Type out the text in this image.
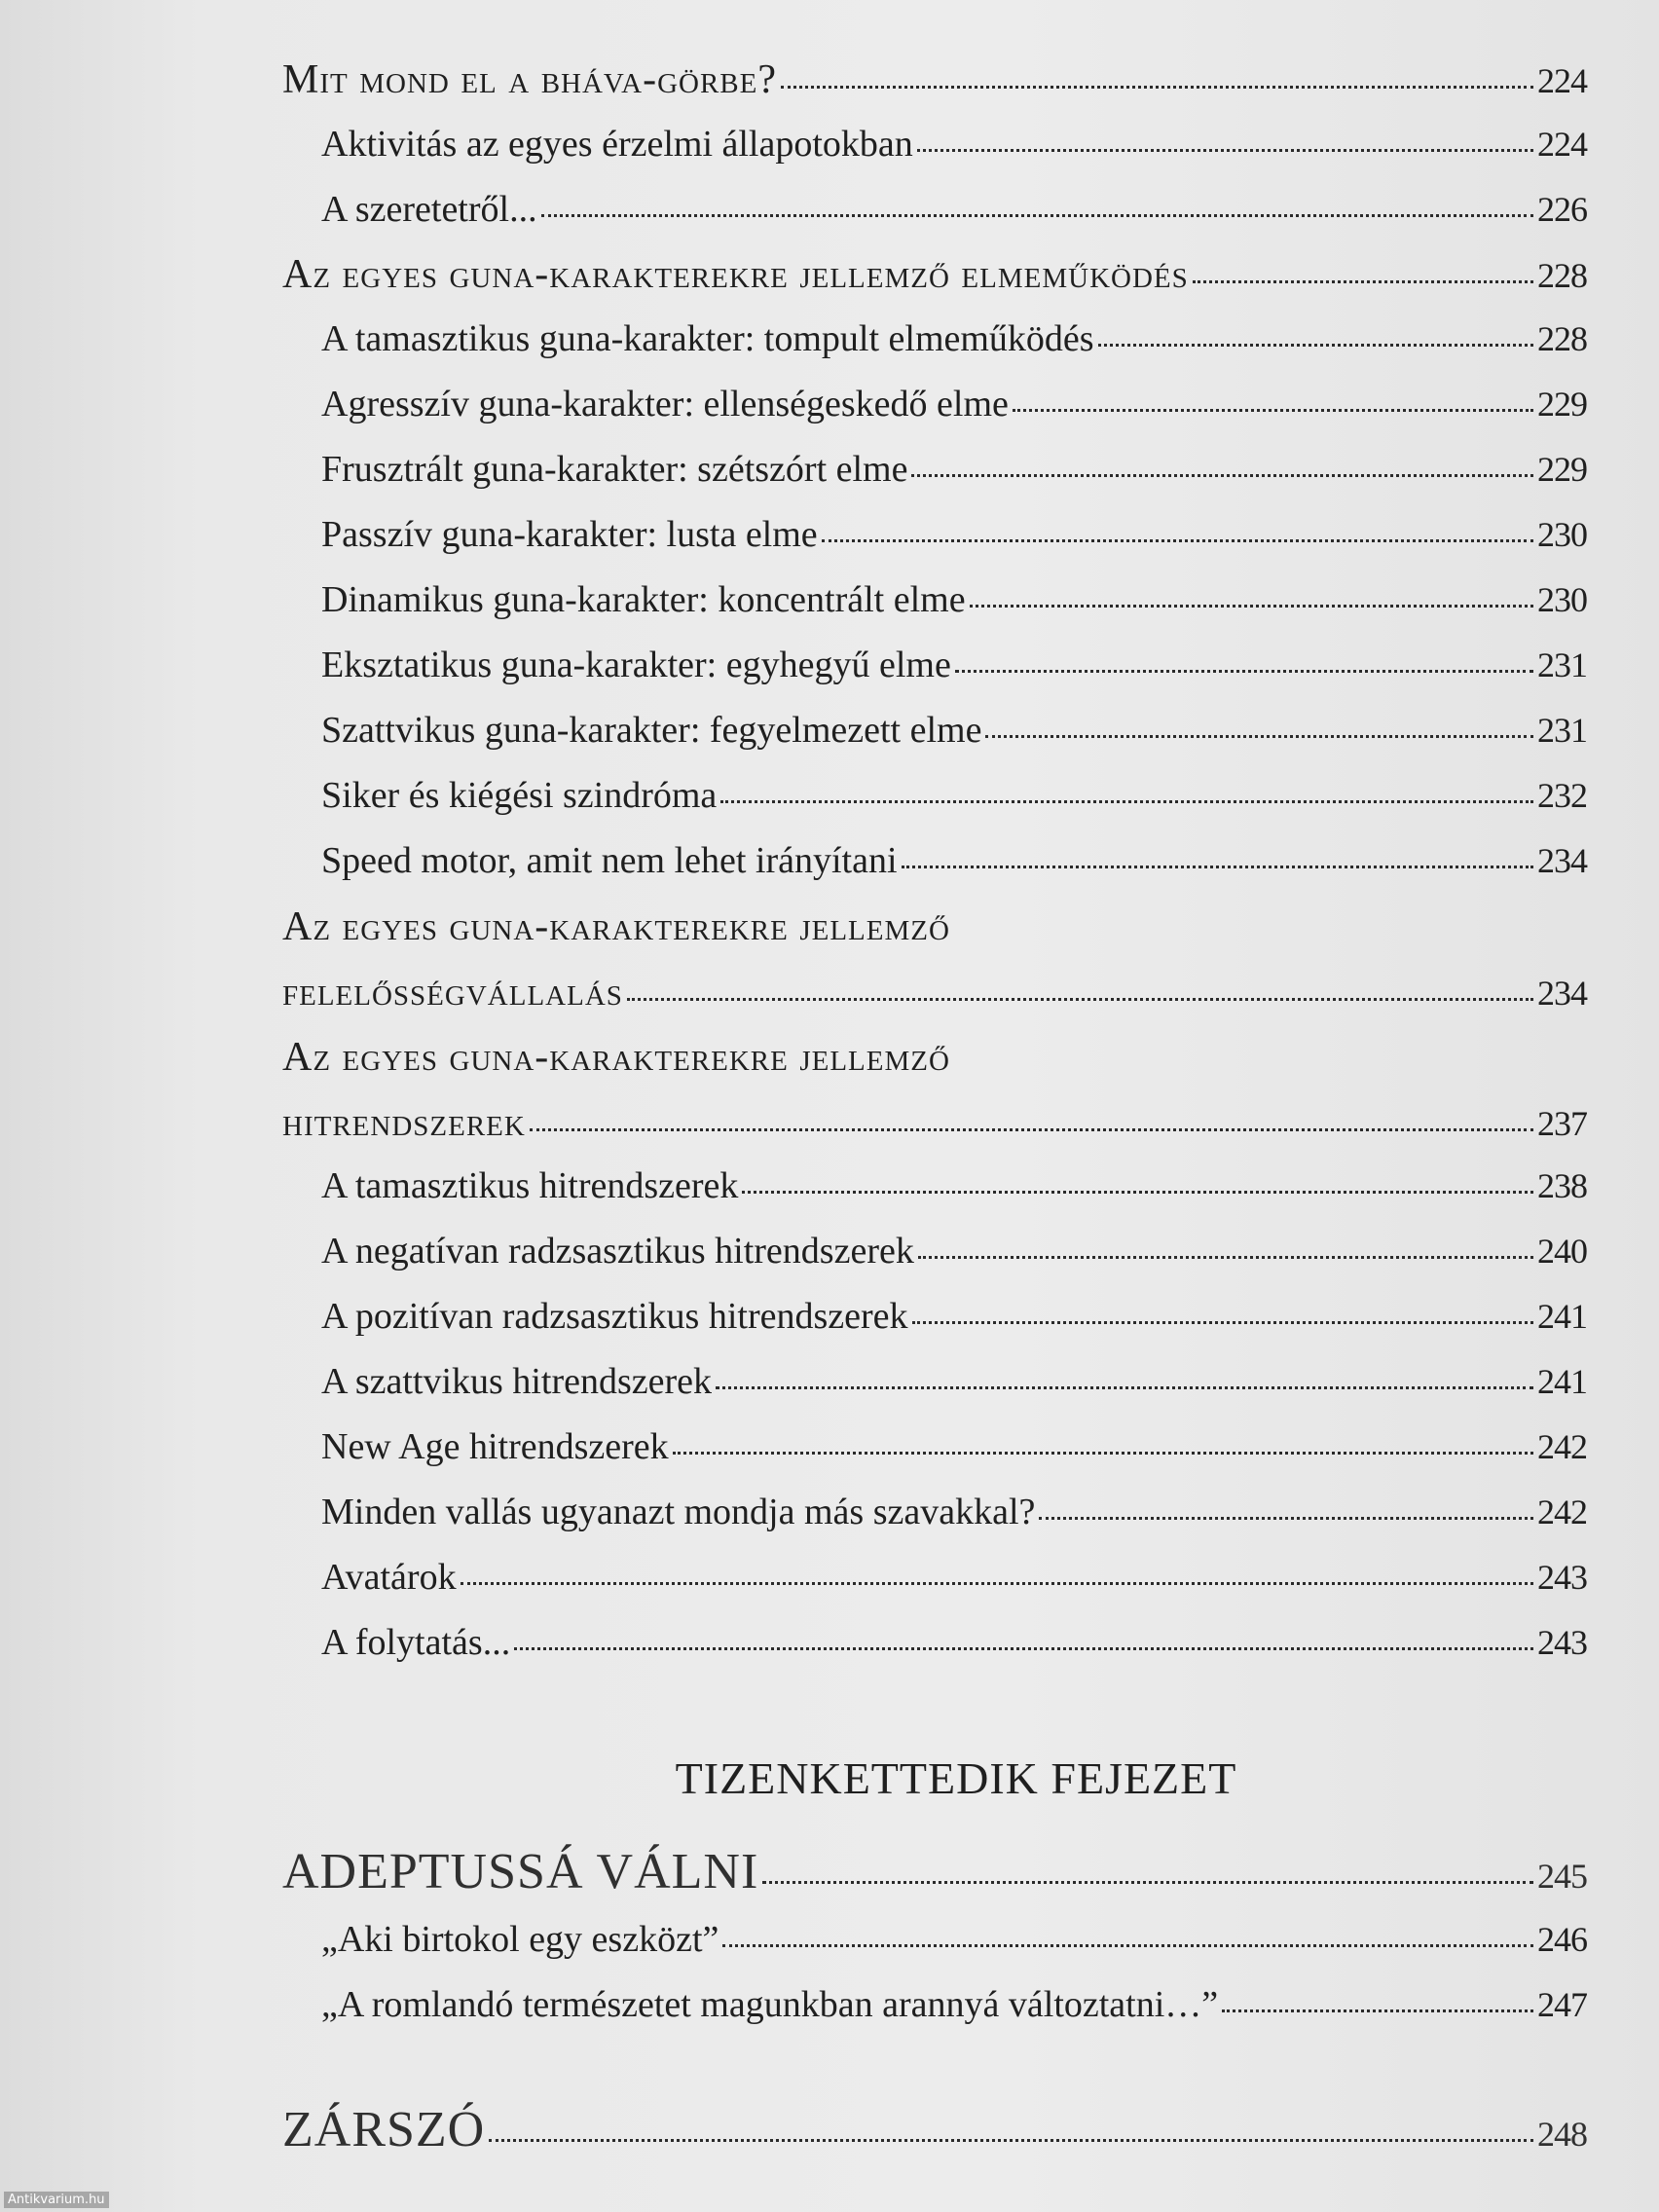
Mit mond el a bháva-görbe?	224
Aktivitás az egyes érzelmi állapotokban	224
A szeretetről...	226
Az egyes guna-karakterekre jellemző elmeműködés	228
A tamasztikus guna-karakter: tompult elmeműködés	228
Agresszív guna-karakter: ellenségeskedő elme	229
Frusztrált guna-karakter: szétszórt elme	229
Passzív guna-karakter: lusta elme	230
Dinamikus guna-karakter: koncentrált elme	230
Eksztatikus guna-karakter: egyhegyű elme	231
Szattvikus guna-karakter: fegyelmezett elme	231
Siker és kiégési szindróma	232
Speed motor, amit nem lehet irányítani	234
Az egyes guna-karakterekre jellemző
felelősségvállalás	234
Az egyes guna-karakterekre jellemző
hitrendszerek	237
A tamasztikus hitrendszerek	238
A negatívan radzsasztikus hitrendszerek	240
A pozitívan radzsasztikus hitrendszerek	241
A szattvikus hitrendszerek	241
New Age hitrendszerek	242
Minden vallás ugyanazt mondja más szavakkal?	242
Avatárok	243
A folytatás...	243
TIZENKETTEDIK FEJEZET
ADEPTUSSÁ VÁLNI	245
„Aki birtokol egy eszközt”	246
„A romlandó természetet magunkban arannyá változtatni…”	247
ZÁRSZÓ	248
Antikvarium.hu
